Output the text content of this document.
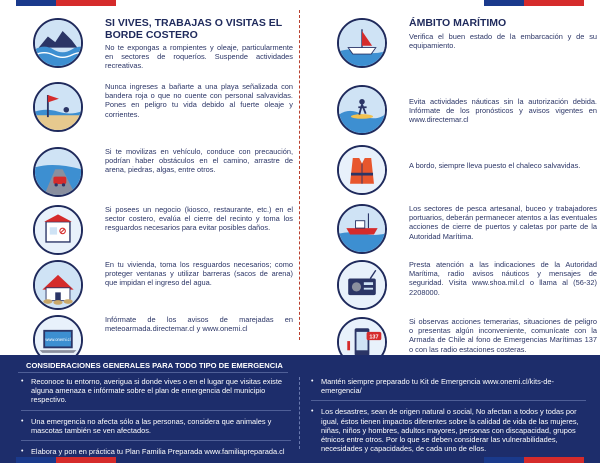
SI VIVES, TRABAJAS O VISITAS EL BORDE COSTERO

No te expongas a rompientes y oleaje, particularmente en sectores de roqueríos. Suspende actividades recreativas.

Nunca ingreses a bañarte a una playa señalizada con bandera roja o que no cuente con personal salvavidas. Pones en peligro tu vida debido al fuerte oleaje y corrientes.

Si te movilizas en vehículo, conduce con precaución, podrían haber obstáculos en el camino, arrastre de arena, piedras, algas, entre otros.

Si posees un negocio (kiosco, restaurante, etc.) en el sector costero, evalúa el cierre del recinto y toma los resguardos necesarios para evitar posibles daños.

En tu vivienda, toma los resguardos necesarios; como proteger ventanas y utilizar barreras (sacos de arena) que impidan el ingreso del agua.

www.onemi.cl

Infórmate de los avisos de marejadas en meteoarmada.directemar.cl y www.onemi.cl

ÁMBITO MARÍTIMO

Verifica el buen estado de la embarcación y de su equipamiento.

Evita actividades náuticas sin la autorización debida. Infórmate de los pronósticos y avisos vigentes en www.directemar.cl

A bordo, siempre lleva puesto el chaleco salvavidas.

Los sectores de pesca artesanal, buceo y trabajadores portuarios, deberán permanecer atentos a las eventuales acciones de cierre de puertos y caletas por parte de la Autoridad Marítima.

Presta atención a las indicaciones de la Autoridad Marítima, radio avisos náuticos y mensajes de seguridad. Visita www.shoa.mil.cl o llama al (56-32) 2208000.

137

Si observas acciones temerarias, situaciones de peligro o presentas algún inconveniente, comunícate con la Armada de Chile al fono de Emergencias Marítimas 137 o con las radio estaciones costeras.

CONSIDERACIONES GENERALES PARA TODO TIPO DE EMERGENCIA
•	Reconoce tu entorno, averigua si donde vives o en el lugar que visitas existe alguna amenaza e infórmate sobre el plan de emergencia del municipio respectivo.
•	Una emergencia no afecta sólo a las personas, considera que animales y mascotas también se ven afectados.
•	Elabora y pon en práctica tu Plan Familia Preparada www.familiapreparada.cl
•	Mantén siempre preparado tu Kit de Emergencia www.onemi.cl/kits-de-emergencia/
•	Los desastres, sean de origen natural o social, No afectan a todos y todas por igual, éstos tienen impactos diferentes sobre la calidad de vida de las mujeres, niñas, niños y hombres, adultos mayores, personas con discapacidad, grupos étnicos entre otros. Por lo que se deben considerar las vulnerabilidades, necesidades y capacidades, de cada uno de ellos.
